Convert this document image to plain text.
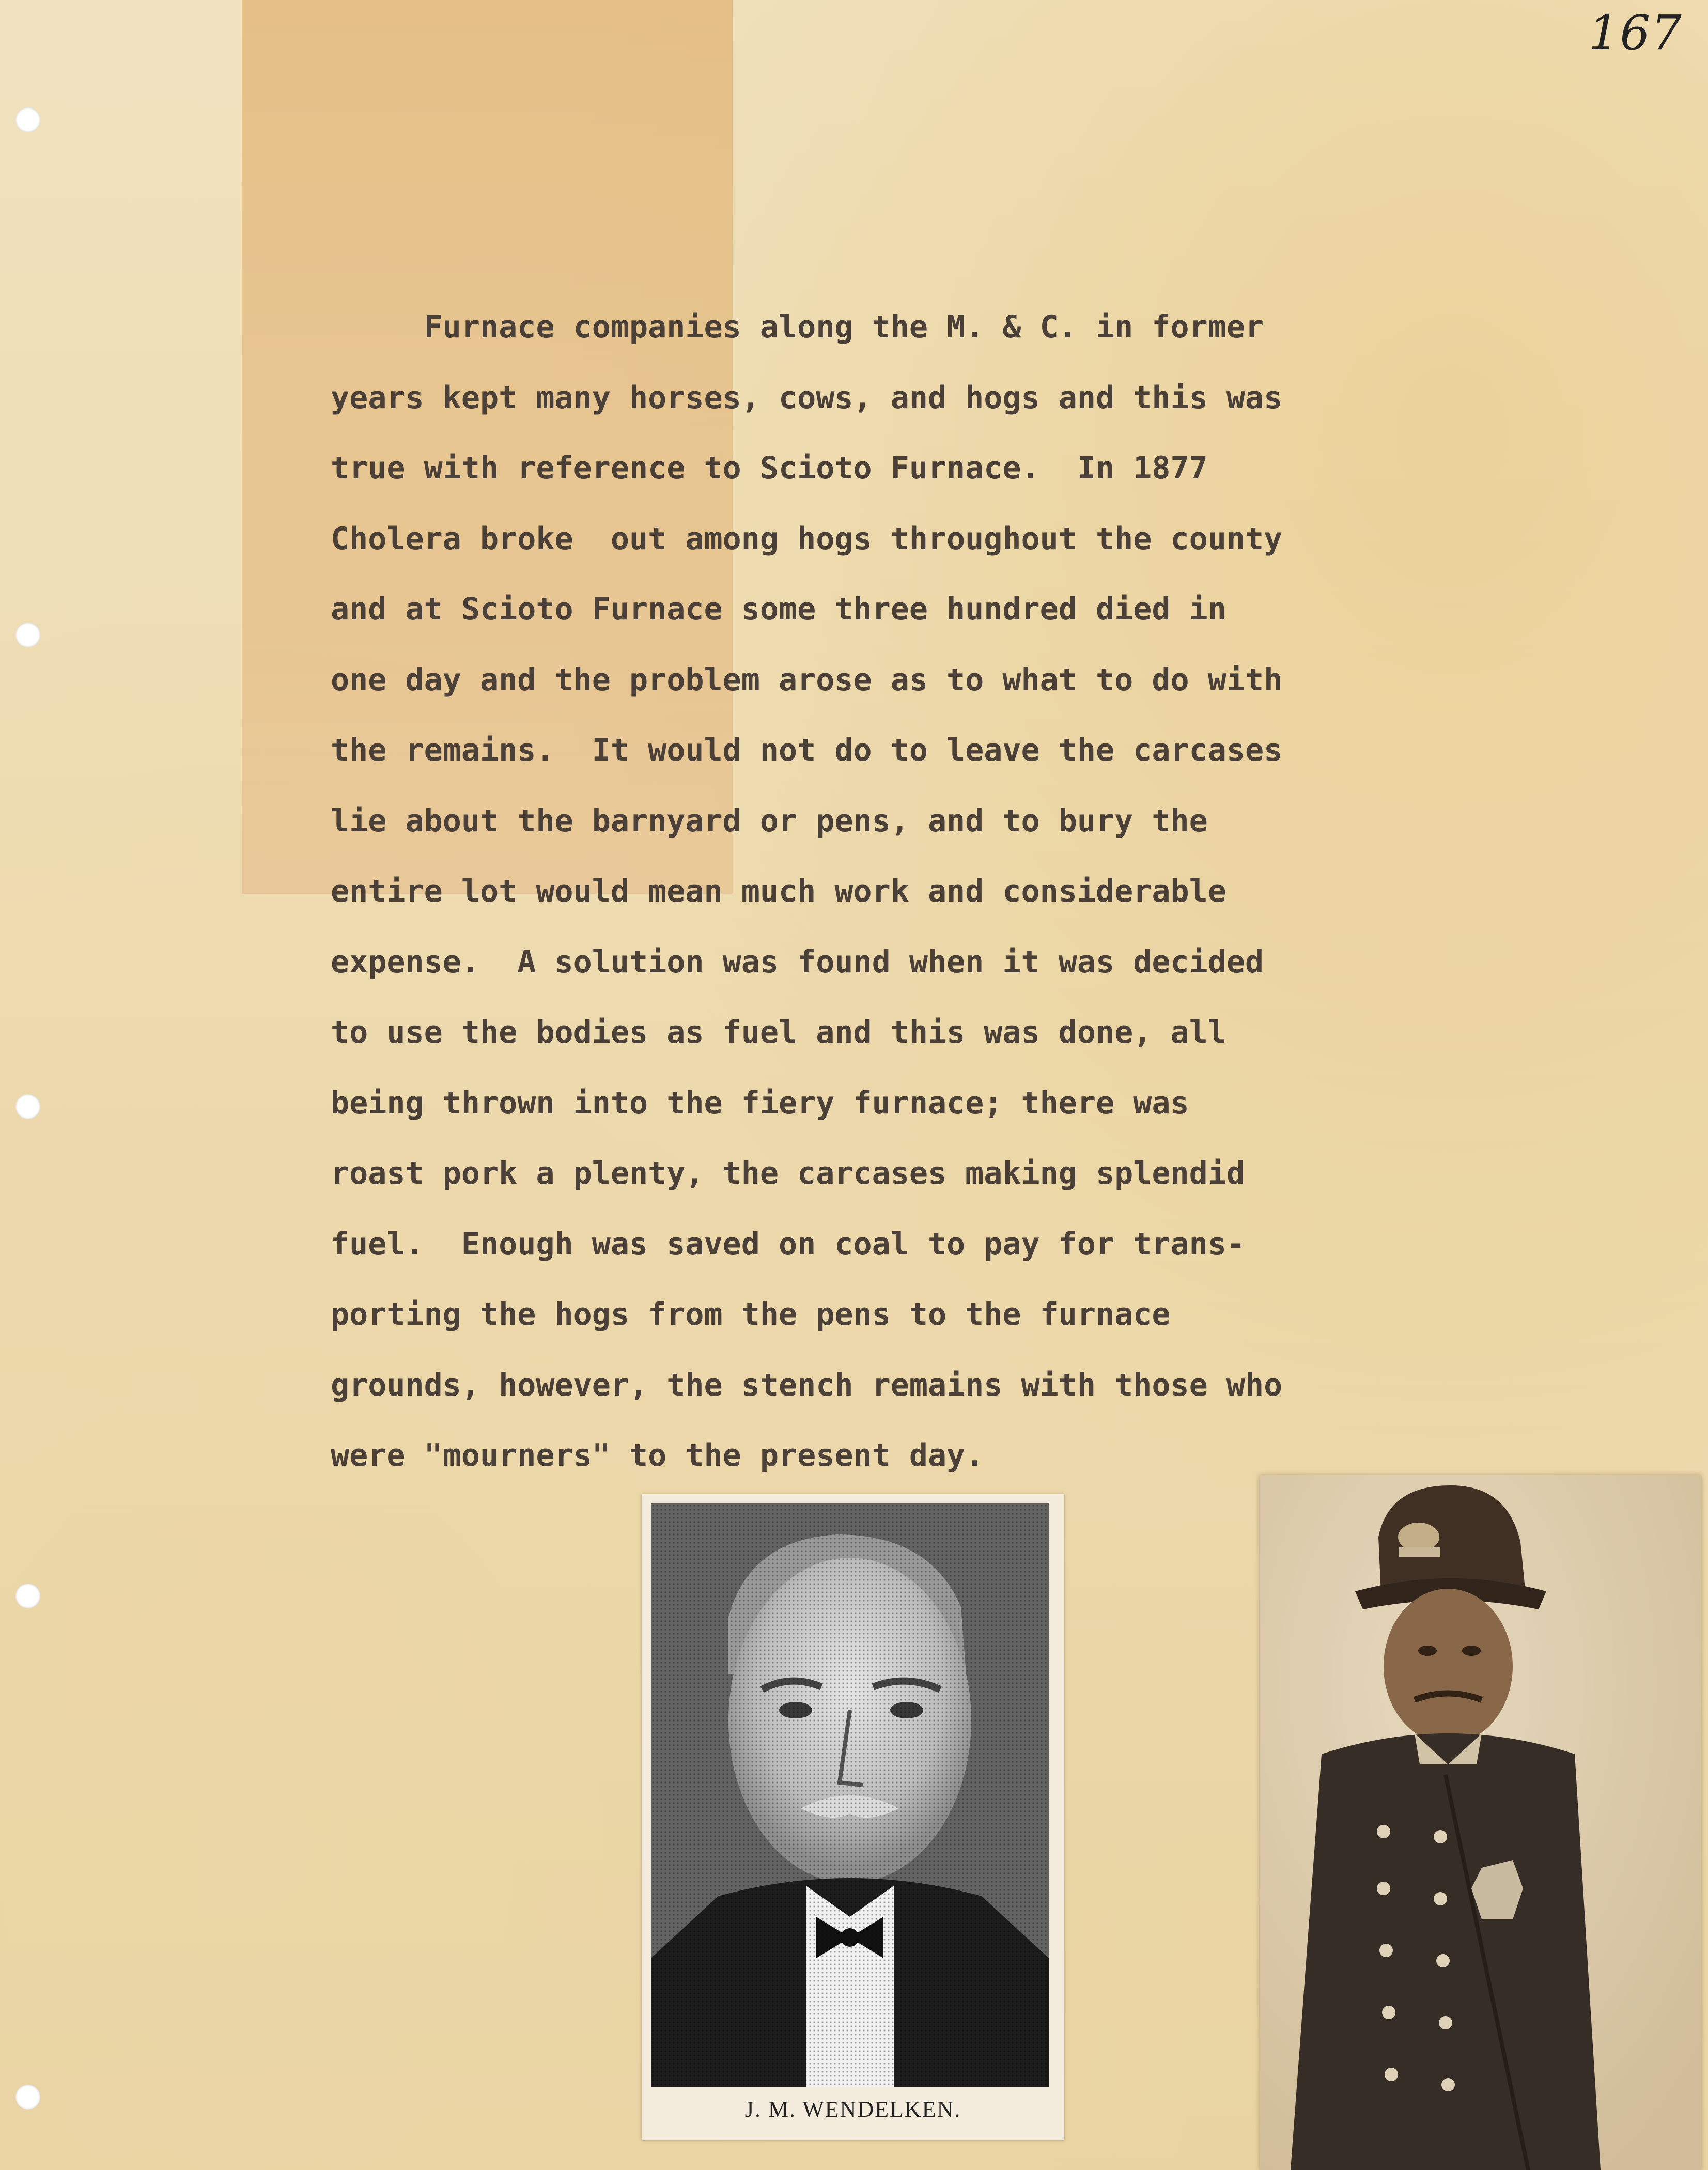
167
Furnace companies along the M. & C. in former
years kept many horses, cows, and hogs and this was
true with reference to Scioto Furnace.  In 1877
Cholera broke  out among hogs throughout the county
and at Scioto Furnace some three hundred died in
one day and the problem arose as to what to do with
the remains.  It would not do to leave the carcases
lie about the barnyard or pens, and to bury the
entire lot would mean much work and considerable
expense.  A solution was found when it was decided
to use the bodies as fuel and this was done, all
being thrown into the fiery furnace; there was
roast pork a plenty, the carcases making splendid
fuel.  Enough was saved on coal to pay for trans-
porting the hogs from the pens to the furnace
grounds, however, the stench remains with those who
were "mourners" to the present day.
J. M. WENDELKEN.
